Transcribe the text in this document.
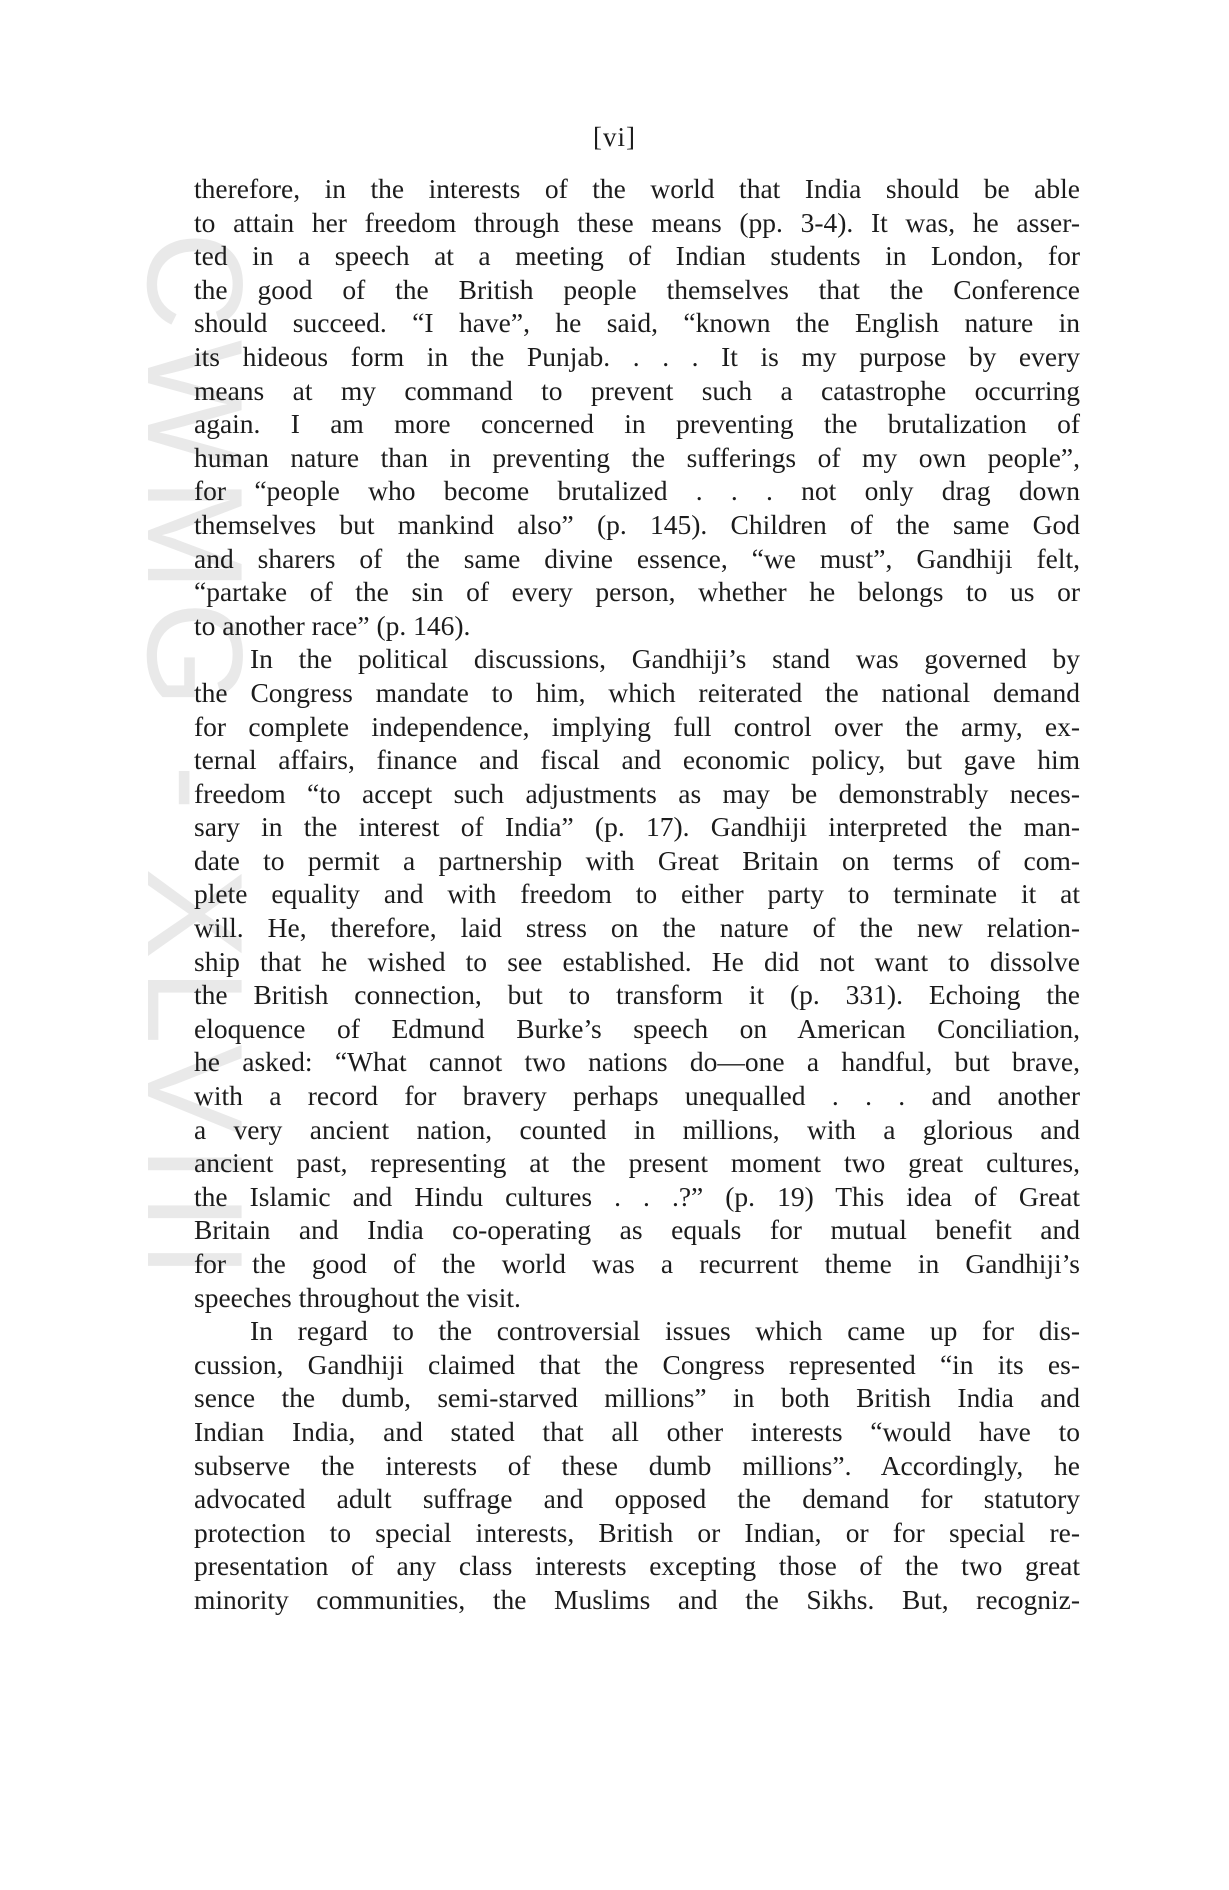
CWMG - XLVIII
[vi]
therefore, in the interests of the world that India should be able
to attain her freedom through these means (pp. 3-4). It was, he asser-
ted in a speech at a meeting of Indian students in London, for
the good of the British people themselves that the Conference
should succeed. “I have”, he said, “known the English nature in
its hideous form in the Punjab. . . . It is my purpose by every
means at my command to prevent such a catastrophe occurring
again. I am more concerned in preventing the brutalization of
human nature than in preventing the sufferings of my own people”,
for “people who become brutalized . . . not only drag down
themselves but mankind also” (p. 145). Children of the same God
and sharers of the same divine essence, “we must”, Gandhiji felt,
“partake of the sin of every person, whether he belongs to us or
to another race” (p. 146).
In the political discussions, Gandhiji’s stand was governed by
the Congress mandate to him, which reiterated the national demand
for complete independence, implying full control over the army, ex-
ternal affairs, finance and fiscal and economic policy, but gave him
freedom “to accept such adjustments as may be demonstrably neces-
sary in the interest of India” (p. 17). Gandhiji interpreted the man-
date to permit a partnership with Great Britain on terms of com-
plete equality and with freedom to either party to terminate it at
will. He, therefore, laid stress on the nature of the new relation-
ship that he wished to see established. He did not want to dissolve
the British connection, but to transform it (p. 331). Echoing the
eloquence of Edmund Burke’s speech on American Conciliation,
he asked: “What cannot two nations do—one a handful, but brave,
with a record for bravery perhaps unequalled . . . and another
a very ancient nation, counted in millions, with a glorious and
ancient past, representing at the present moment two great cultures,
the Islamic and Hindu cultures . . .?” (p. 19) This idea of Great
Britain and India co-operating as equals for mutual benefit and
for the good of the world was a recurrent theme in Gandhiji’s
speeches throughout the visit.
In regard to the controversial issues which came up for dis-
cussion, Gandhiji claimed that the Congress represented “in its es-
sence the dumb, semi-starved millions” in both British India and
Indian India, and stated that all other interests “would have to
subserve the interests of these dumb millions”. Accordingly, he
advocated adult suffrage and opposed the demand for statutory
protection to special interests, British or Indian, or for special re-
presentation of any class interests excepting those of the two great
minority communities, the Muslims and the Sikhs. But, recogniz-
